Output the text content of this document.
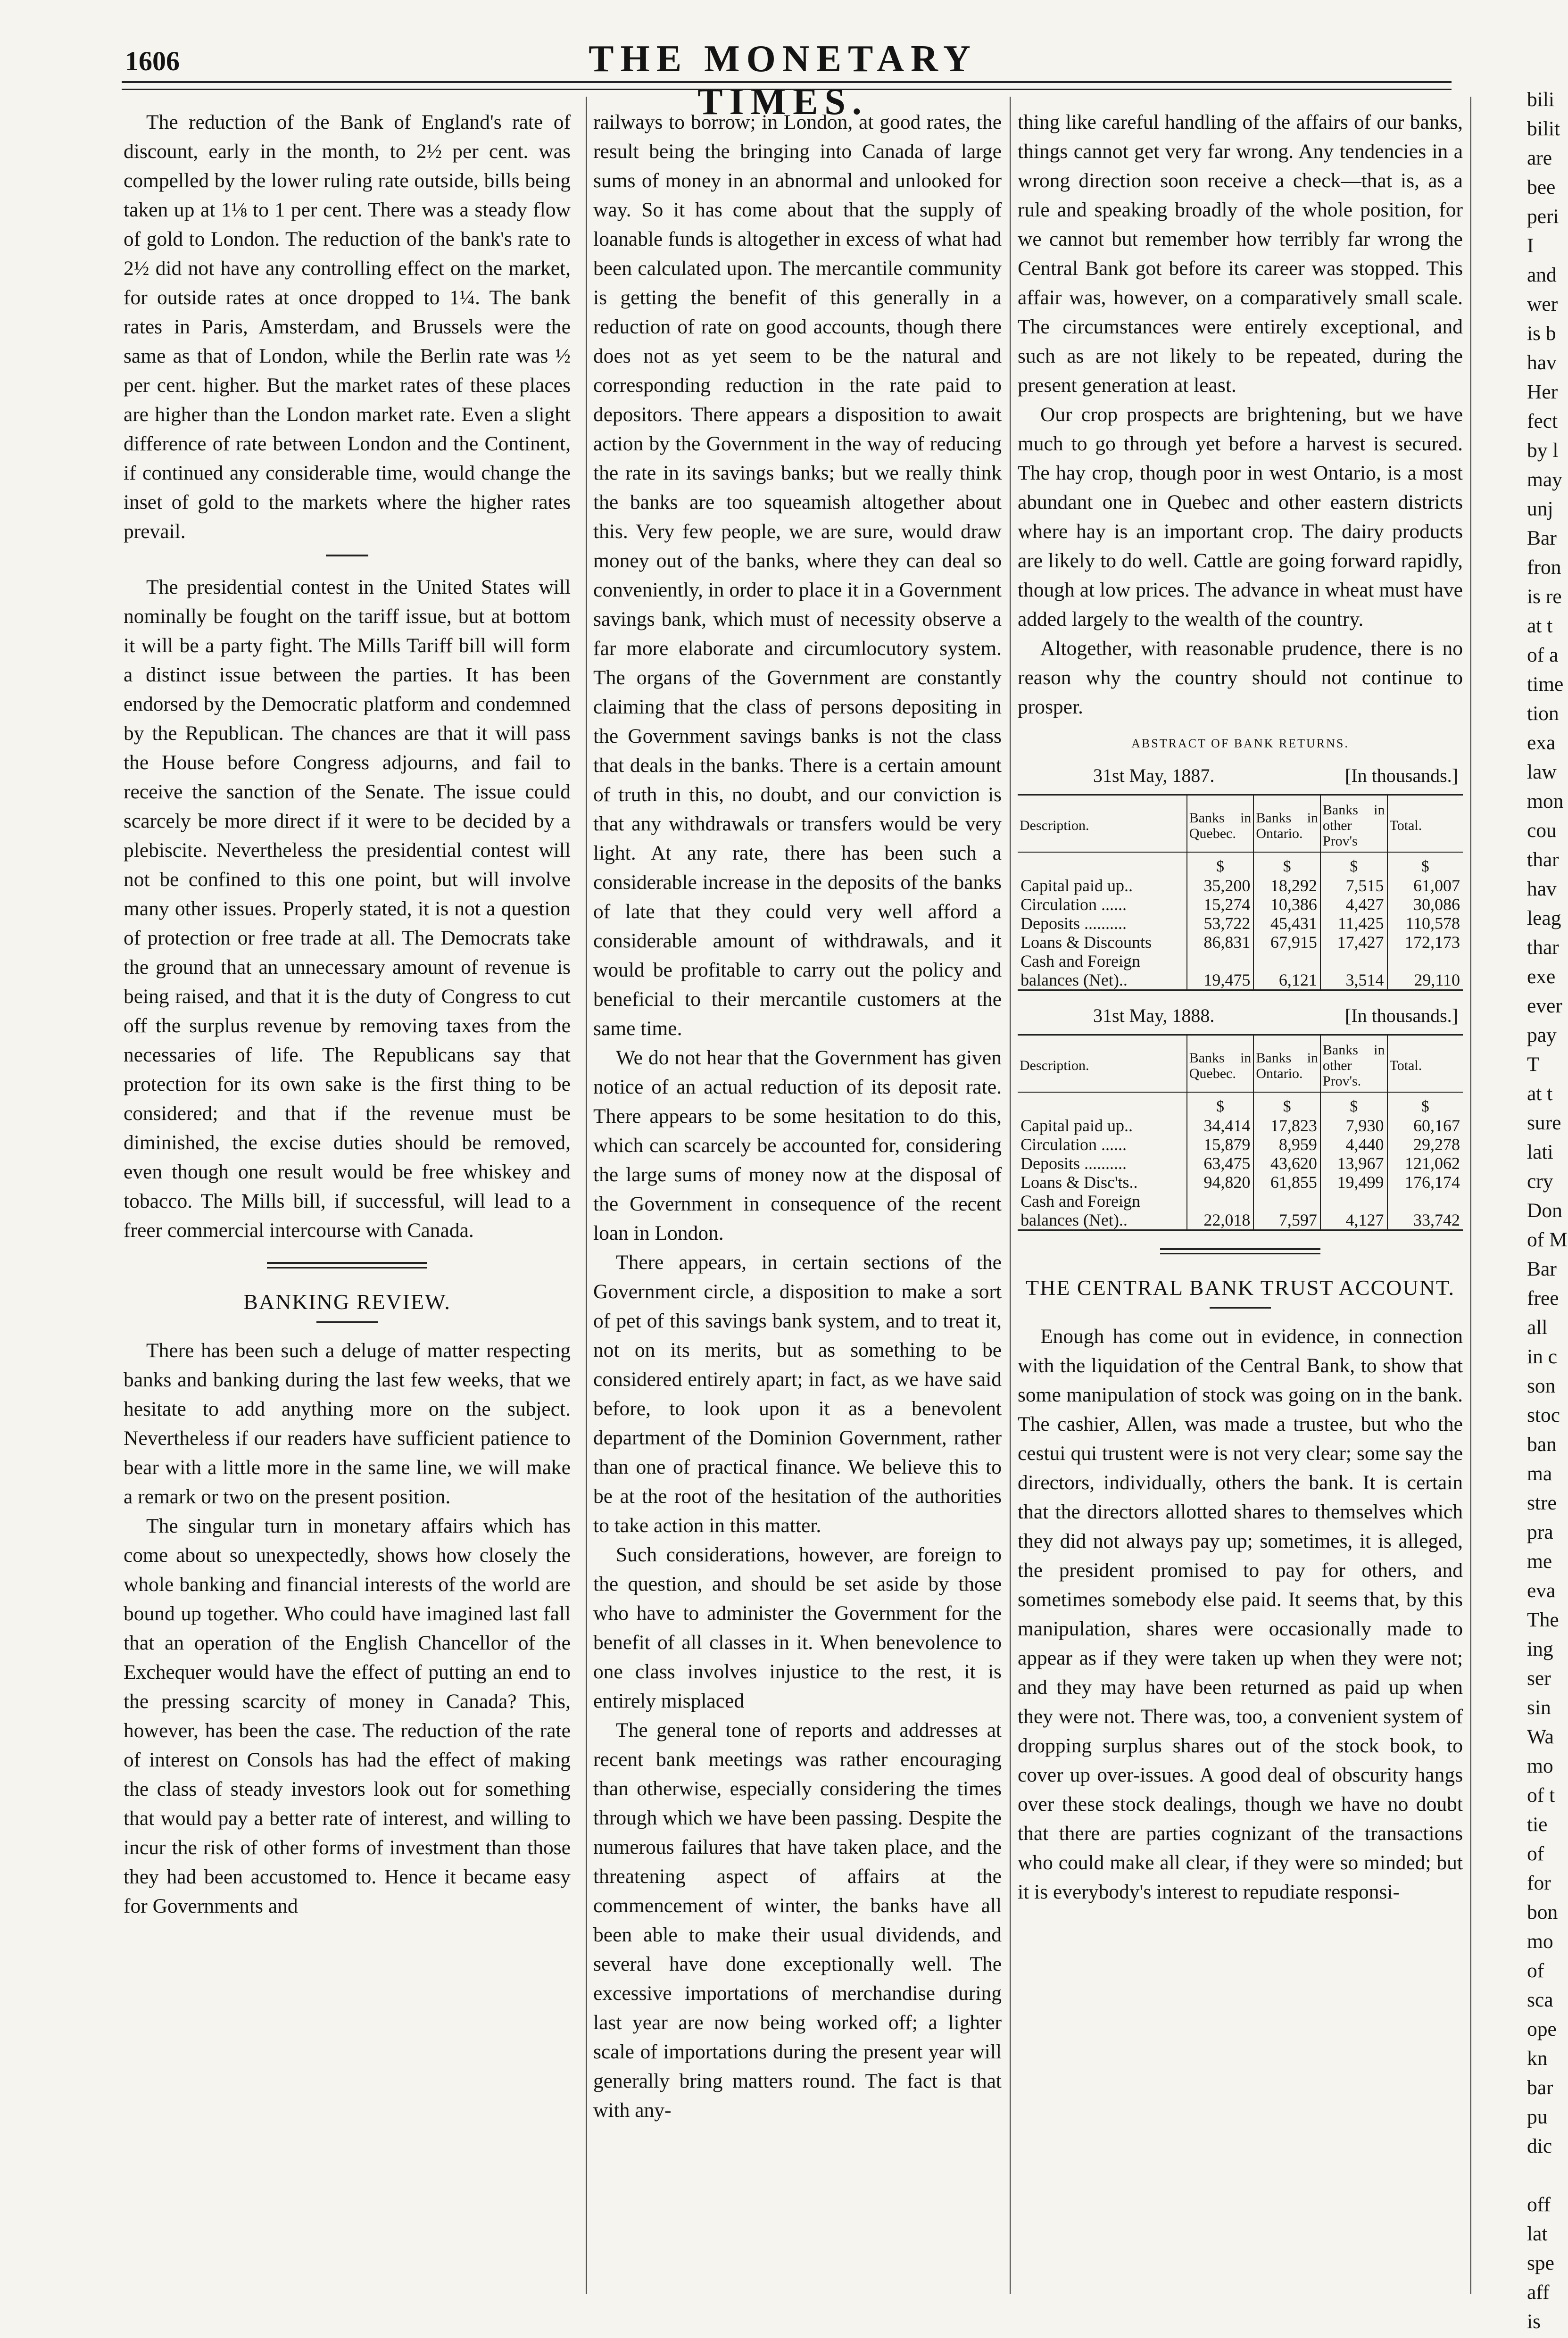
1606	THE MONETARY TIMES.

The reduction of the Bank of England's rate of discount, early in the month, to 2½ per cent. was compelled by the lower ruling rate outside, bills being taken up at 1⅛ to 1 per cent. There was a steady flow of gold to London. The reduction of the bank's rate to 2½ did not have any controlling effect on the market, for outside rates at once dropped to 1¼. The bank rates in Paris, Amsterdam, and Brussels were the same as that of London, while the Berlin rate was ½ per cent. higher. But the market rates of these places are higher than the London market rate. Even a slight difference of rate between London and the Continent, if continued any considerable time, would change the inset of gold to the markets where the higher rates prevail.

The presidential contest in the United States will nominally be fought on the tariff issue, but at bottom it will be a party fight. The Mills Tariff bill will form a distinct issue between the parties. It has been endorsed by the Democratic platform and condemned by the Republican. The chances are that it will pass the House before Congress adjourns, and fail to receive the sanction of the Senate. The issue could scarcely be more direct if it were to be decided by a plebiscite. Nevertheless the presidential contest will not be confined to this one point, but will involve many other issues. Properly stated, it is not a question of protection or free trade at all. The Democrats take the ground that an unnecessary amount of revenue is being raised, and that it is the duty of Congress to cut off the surplus revenue by removing taxes from the necessaries of life. The Republicans say that protection for its own sake is the first thing to be considered; and that if the revenue must be diminished, the excise duties should be removed, even though one result would be free whiskey and tobacco. The Mills bill, if successful, will lead to a freer commercial intercourse with Canada.

BANKING REVIEW.

There has been such a deluge of matter respecting banks and banking during the last few weeks, that we hesitate to add anything more on the subject. Nevertheless if our readers have sufficient patience to bear with a little more in the same line, we will make a remark or two on the present position.

The singular turn in monetary affairs which has come about so unexpectedly, shows how closely the whole banking and financial interests of the world are bound up together. Who could have imagined last fall that an operation of the English Chancellor of the Exchequer would have the effect of putting an end to the pressing scarcity of money in Canada? This, however, has been the case. The reduction of the rate of interest on Consols has had the effect of making the class of steady investors look out for something that would pay a better rate of interest, and willing to incur the risk of other forms of investment than those they had been accustomed to. Hence it became easy for Governments and

railways to borrow; in London, at good rates, the result being the bringing into Canada of large sums of money in an abnormal and unlooked for way. So it has come about that the supply of loanable funds is altogether in excess of what had been calculated upon. The mercantile community is getting the benefit of this generally in a reduction of rate on good accounts, though there does not as yet seem to be the natural and corresponding reduction in the rate paid to depositors. There appears a disposition to await action by the Government in the way of reducing the rate in its savings banks; but we really think the banks are too squeamish altogether about this. Very few people, we are sure, would draw money out of the banks, where they can deal so conveniently, in order to place it in a Government savings bank, which must of necessity observe a far more elaborate and circumlocutory system. The organs of the Government are constantly claiming that the class of persons depositing in the Government savings banks is not the class that deals in the banks. There is a certain amount of truth in this, no doubt, and our conviction is that any withdrawals or transfers would be very light. At any rate, there has been such a considerable increase in the deposits of the banks of late that they could very well afford a considerable amount of withdrawals, and it would be profitable to carry out the policy and beneficial to their mercantile customers at the same time.

We do not hear that the Government has given notice of an actual reduction of its deposit rate. There appears to be some hesitation to do this, which can scarcely be accounted for, considering the large sums of money now at the disposal of the Government in consequence of the recent loan in London.

There appears, in certain sections of the Government circle, a disposition to make a sort of pet of this savings bank system, and to treat it, not on its merits, but as something to be considered entirely apart; in fact, as we have said before, to look upon it as a benevolent department of the Dominion Government, rather than one of practical finance. We believe this to be at the root of the hesitation of the authorities to take action in this matter.

Such considerations, however, are foreign to the question, and should be set aside by those who have to administer the Government for the benefit of all classes in it. When benevolence to one class involves injustice to the rest, it is entirely misplaced

The general tone of reports and addresses at recent bank meetings was rather encouraging than otherwise, especially considering the times through which we have been passing. Despite the numerous failures that have taken place, and the threatening aspect of affairs at the commencement of winter, the banks have all been able to make their usual dividends, and several have done exceptionally well. The excessive importations of merchandise during last year are now being worked off; a lighter scale of importations during the present year will generally bring matters round. The fact is that with any-

thing like careful handling of the affairs of our banks, things cannot get very far wrong. Any tendencies in a wrong direction soon receive a check—that is, as a rule and speaking broadly of the whole position, for we cannot but remember how terribly far wrong the Central Bank got before its career was stopped. This affair was, however, on a comparatively small scale. The circumstances were entirely exceptional, and such as are not likely to be repeated, during the present generation at least.

Our crop prospects are brightening, but we have much to go through yet before a harvest is secured. The hay crop, though poor in west Ontario, is a most abundant one in Quebec and other eastern districts where hay is an important crop. The dairy products are likely to do well. Cattle are going forward rapidly, though at low prices. The advance in wheat must have added largely to the wealth of the country.

Altogether, with reasonable prudence, there is no reason why the country should not continue to prosper.

ABSTRACT OF BANK RETURNS.
31st May, 1887.	[In thousands.]
Description.	Banks in Quebec.	Banks in Ontario.	Banks in other Prov's	Total.
	$	$	$	$
Capital paid up..	35,200	18,292	7,515	61,007
Circulation ......	15,274	10,386	4,427	30,086
Deposits ..........	53,722	45,431	11,425	110,578
Loans & Discounts	86,831	67,915	17,427	172,173
Cash and Foreign				
balances (Net)..	19,475	6,121	3,514	29,110
31st May, 1888.	[In thousands.]
Description.	Banks in Quebec.	Banks in Ontario.	Banks in other Prov's.	Total.
	$	$	$	$
Capital paid up..	34,414	17,823	7,930	60,167
Circulation ......	15,879	8,959	4,440	29,278
Deposits ..........	63,475	43,620	13,967	121,062
Loans & Disc'ts..	94,820	61,855	19,499	176,174
Cash and Foreign				
balances (Net)..	22,018	7,597	4,127	33,742
THE CENTRAL BANK TRUST ACCOUNT.

Enough has come out in evidence, in connection with the liquidation of the Central Bank, to show that some manipulation of stock was going on in the bank. The cashier, Allen, was made a trustee, but who the cestui qui trustent were is not very clear; some say the directors, individually, others the bank. It is certain that the directors allotted shares to themselves which they did not always pay up; sometimes, it is alleged, the president promised to pay for others, and sometimes somebody else paid. It seems that, by this manipulation, shares were occasionally made to appear as if they were taken up when they were not; and they may have been returned as paid up when they were not. There was, too, a convenient system of dropping surplus shares out of the stock book, to cover up over-issues. A good deal of obscurity hangs over these stock dealings, though we have no doubt that there are parties cognizant of the transactions who could make all clear, if they were so minded; but it is everybody's interest to repudiate responsi-

bili
bilit
are
bee
peri
I
and
wer
is b
hav
Her
fect
by l
may
unj
Bar
fron
is re
at t
of a
time
tion
exa
law
mon
cou
thar
hav
leag
thar
exe
ever
pay
T
at t
sure
lati
cry
Don
of M
Bar
free
all
in c
son
stoc
ban
ma
stre
pra
me
eva
The
ing
ser
sin
Wa
mo
of t
tie
of
for
bon
mo
of
sca
ope
kn
bar
pu
dic
off
lat
spe
aff
is
